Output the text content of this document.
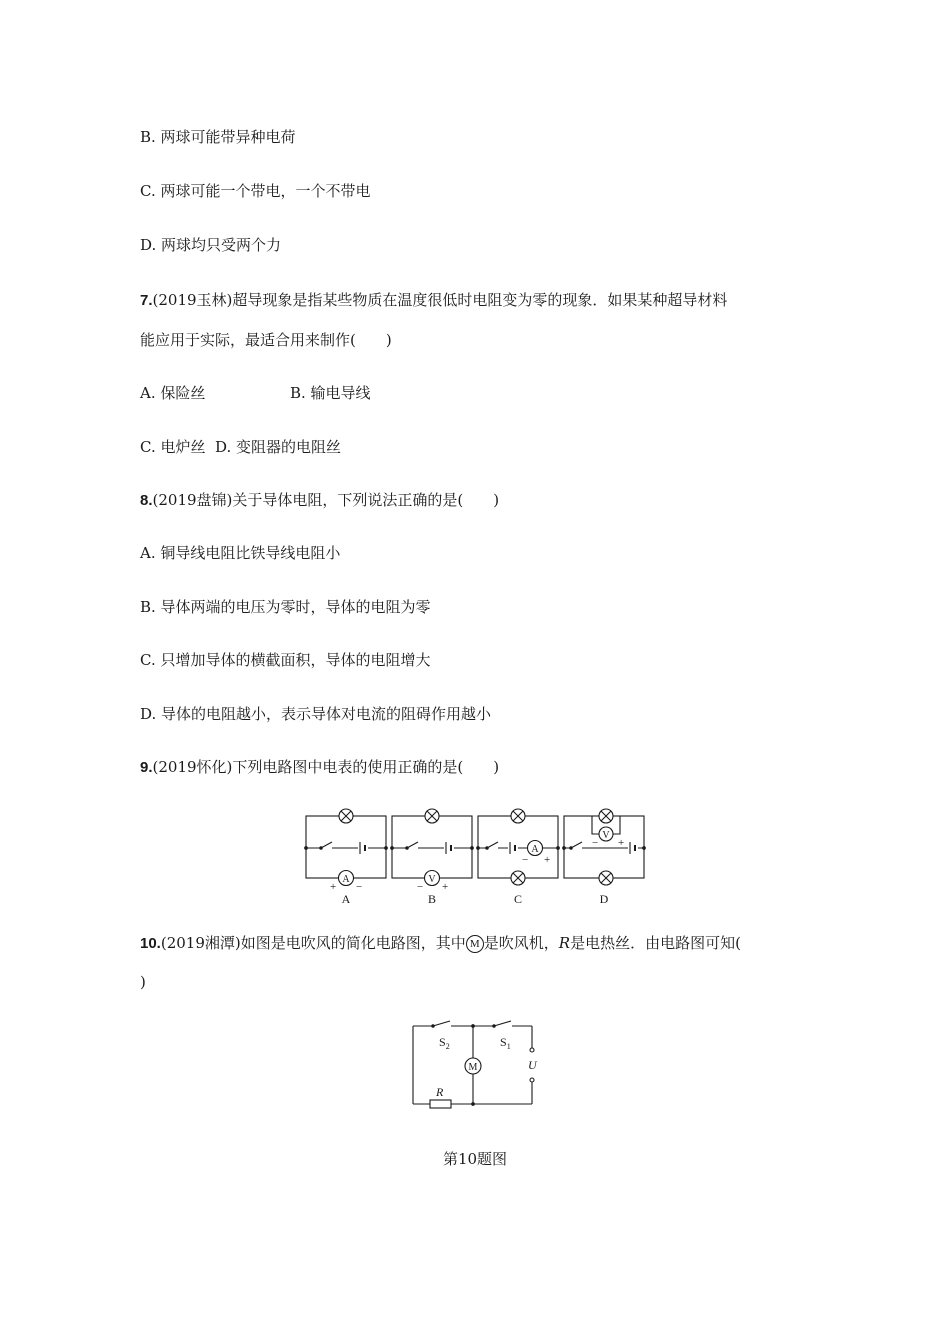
B. 两球可能带异种电荷
C. 两球可能一个带电，一个不带电
D. 两球均只受两个力
7.(2019玉林)超导现象是指某些物质在温度很低时电阻变为零的现象．如果某种超导材料
能应用于实际，最适合用来制作(　　)
A. 保险丝	B. 输电导线
C. 电炉丝 D. 变阻器的电阻丝
8.(2019盘锦)关于导体电阻，下列说法正确的是(　　)
A. 铜导线电阻比铁导线电阻小
B. 导体两端的电压为零时，导体的电阻为零
C. 只增加导体的横截面积，导体的电阻增大
D. 导体的电阻越小，表示导体对电流的阻碍作用越小
9.(2019怀化)下列电路图中电表的使用正确的是(　　)
A
+ −
A
V
− +
B
A
− +
C
V
− +
D
10.(2019湘潭)如图是电吹风的简化电路图，其中 M 是吹风机，R是电热丝．由电路图可知(
)
M
$S_2$	$S_1$
U
R
第10题图
